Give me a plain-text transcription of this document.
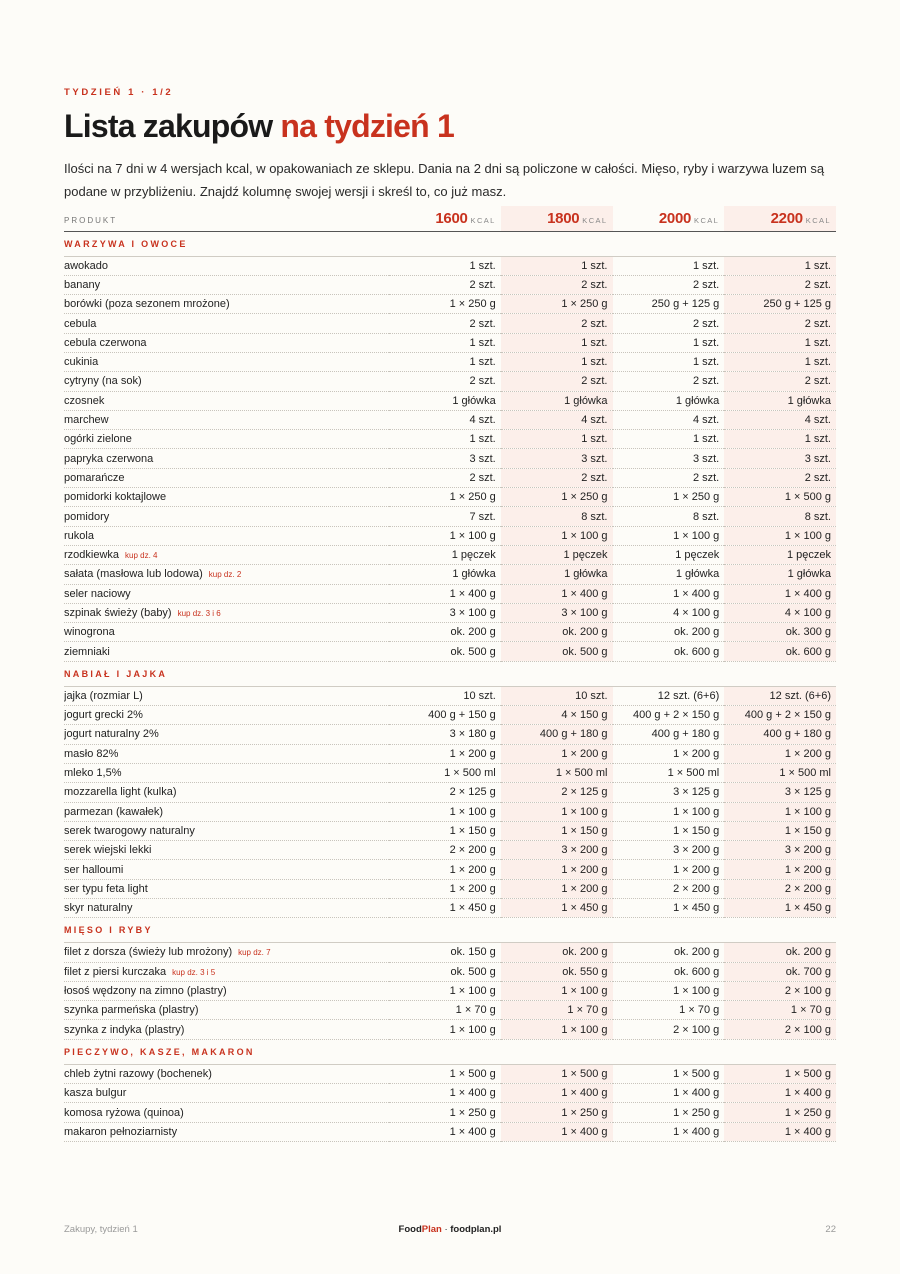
TYDZIEŃ 1 · 1/2
Lista zakupów na tydzień 1

Ilości na 7 dni w 4 wersjach kcal, w opakowaniach ze sklepu. Dania na 2 dni są policzone w całości. Mięso, ryby i warzywa luzem są podane w przybliżeniu. Znajdź kolumnę swojej wersji i skreśl to, co już masz.

PRODUKT	1600 KCAL	1800 KCAL	2000 KCAL	2200 KCAL
WARZYWA I OWOCE				
awokado	1 szt.	1 szt.	1 szt.	1 szt.
banany	2 szt.	2 szt.	2 szt.	2 szt.
borówki (poza sezonem mrożone)	1 × 250 g	1 × 250 g	250 g + 125 g	250 g + 125 g
cebula	2 szt.	2 szt.	2 szt.	2 szt.
cebula czerwona	1 szt.	1 szt.	1 szt.	1 szt.
cukinia	1 szt.	1 szt.	1 szt.	1 szt.
cytryny (na sok)	2 szt.	2 szt.	2 szt.	2 szt.
czosnek	1 główka	1 główka	1 główka	1 główka
marchew	4 szt.	4 szt.	4 szt.	4 szt.
ogórki zielone	1 szt.	1 szt.	1 szt.	1 szt.
papryka czerwona	3 szt.	3 szt.	3 szt.	3 szt.
pomarańcze	2 szt.	2 szt.	2 szt.	2 szt.
pomidorki koktajlowe	1 × 250 g	1 × 250 g	1 × 250 g	1 × 500 g
pomidory	7 szt.	8 szt.	8 szt.	8 szt.
rukola	1 × 100 g	1 × 100 g	1 × 100 g	1 × 100 g
rzodkiewka kup dz. 4	1 pęczek	1 pęczek	1 pęczek	1 pęczek
sałata (masłowa lub lodowa) kup dz. 2	1 główka	1 główka	1 główka	1 główka
seler naciowy	1 × 400 g	1 × 400 g	1 × 400 g	1 × 400 g
szpinak świeży (baby) kup dz. 3 i 6	3 × 100 g	3 × 100 g	4 × 100 g	4 × 100 g
winogrona	ok. 200 g	ok. 200 g	ok. 200 g	ok. 300 g
ziemniaki	ok. 500 g	ok. 500 g	ok. 600 g	ok. 600 g
NABIAŁ I JAJKA				
jajka (rozmiar L)	10 szt.	10 szt.	12 szt. (6+6)	12 szt. (6+6)
jogurt grecki 2%	400 g + 150 g	4 × 150 g	400 g + 2 × 150 g	400 g + 2 × 150 g
jogurt naturalny 2%	3 × 180 g	400 g + 180 g	400 g + 180 g	400 g + 180 g
masło 82%	1 × 200 g	1 × 200 g	1 × 200 g	1 × 200 g
mleko 1,5%	1 × 500 ml	1 × 500 ml	1 × 500 ml	1 × 500 ml
mozzarella light (kulka)	2 × 125 g	2 × 125 g	3 × 125 g	3 × 125 g
parmezan (kawałek)	1 × 100 g	1 × 100 g	1 × 100 g	1 × 100 g
serek twarogowy naturalny	1 × 150 g	1 × 150 g	1 × 150 g	1 × 150 g
serek wiejski lekki	2 × 200 g	3 × 200 g	3 × 200 g	3 × 200 g
ser halloumi	1 × 200 g	1 × 200 g	1 × 200 g	1 × 200 g
ser typu feta light	1 × 200 g	1 × 200 g	2 × 200 g	2 × 200 g
skyr naturalny	1 × 450 g	1 × 450 g	1 × 450 g	1 × 450 g
MIĘSO I RYBY				
filet z dorsza (świeży lub mrożony) kup dz. 7	ok. 150 g	ok. 200 g	ok. 200 g	ok. 200 g
filet z piersi kurczaka kup dz. 3 i 5	ok. 500 g	ok. 550 g	ok. 600 g	ok. 700 g
łosoś wędzony na zimno (plastry)	1 × 100 g	1 × 100 g	1 × 100 g	2 × 100 g
szynka parmeńska (plastry)	1 × 70 g	1 × 70 g	1 × 70 g	1 × 70 g
szynka z indyka (plastry)	1 × 100 g	1 × 100 g	2 × 100 g	2 × 100 g
PIECZYWO, KASZE, MAKARON				
chleb żytni razowy (bochenek)	1 × 500 g	1 × 500 g	1 × 500 g	1 × 500 g
kasza bulgur	1 × 400 g	1 × 400 g	1 × 400 g	1 × 400 g
komosa ryżowa (quinoa)	1 × 250 g	1 × 250 g	1 × 250 g	1 × 250 g
makaron pełnoziarnisty	1 × 400 g	1 × 400 g	1 × 400 g	1 × 400 g
Zakupy, tydzień 1	FoodPlan · foodplan.pl	22
